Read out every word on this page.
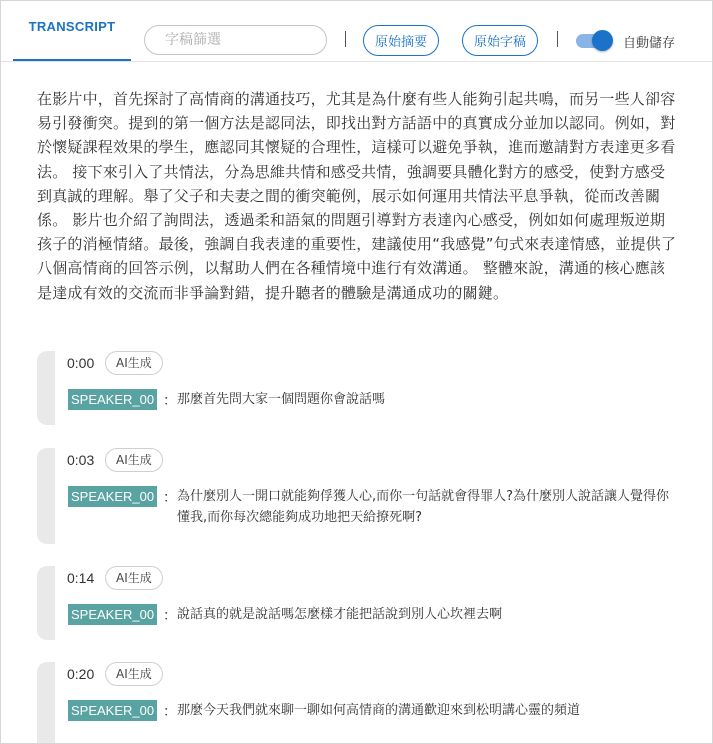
TRANSCRIPT
字稿篩選
原始摘要	原始字稿	自動儲存

在影片中，首先探討了高情商的溝通技巧，尤其是為什麼有些人能夠引起共鳴，而另一些人卻容易引發衝突。提到的第一個方法是認同法，即找出對方話語中的真實成分並加以認同。例如，對於懷疑課程效果的學生，應認同其懷疑的合理性，這樣可以避免爭執，進而邀請對方表達更多看法。 接下來引入了共情法，分為思維共情和感受共情，強調要具體化對方的感受，使對方感受到真誠的理解。舉了父子和夫妻之間的衝突範例，展示如何運用共情法平息爭執，從而改善關係。 影片也介紹了詢問法，透過柔和語氣的問題引導對方表達內心感受，例如如何處理叛逆期孩子的消極情緒。最後，強調自我表達的重要性，建議使用“我感覺”句式來表達情感，並提供了八個高情商的回答示例，以幫助人們在各種情境中進行有效溝通。 整體來說，溝通的核心應該是達成有效的交流而非爭論對錯，提升聽者的體驗是溝通成功的關鍵。

0:00	AI生成
SPEAKER_00 ： 那麼首先問大家一個問題你會說話嗎

0:03	AI生成
SPEAKER_00 ： 為什麼別人一開口就能夠俘獲人心,而你一句話就會得罪人?為什麼別人說話讓人覺得你懂我,而你每次總能夠成功地把天給撩死啊?

0:14	AI生成
SPEAKER_00 ： 說話真的就是說話嗎怎麼樣才能把話說到別人心坎裡去啊

0:20	AI生成
SPEAKER_00 ： 那麼今天我們就來聊一聊如何高情商的溝通歡迎來到松明講心靈的頻道
